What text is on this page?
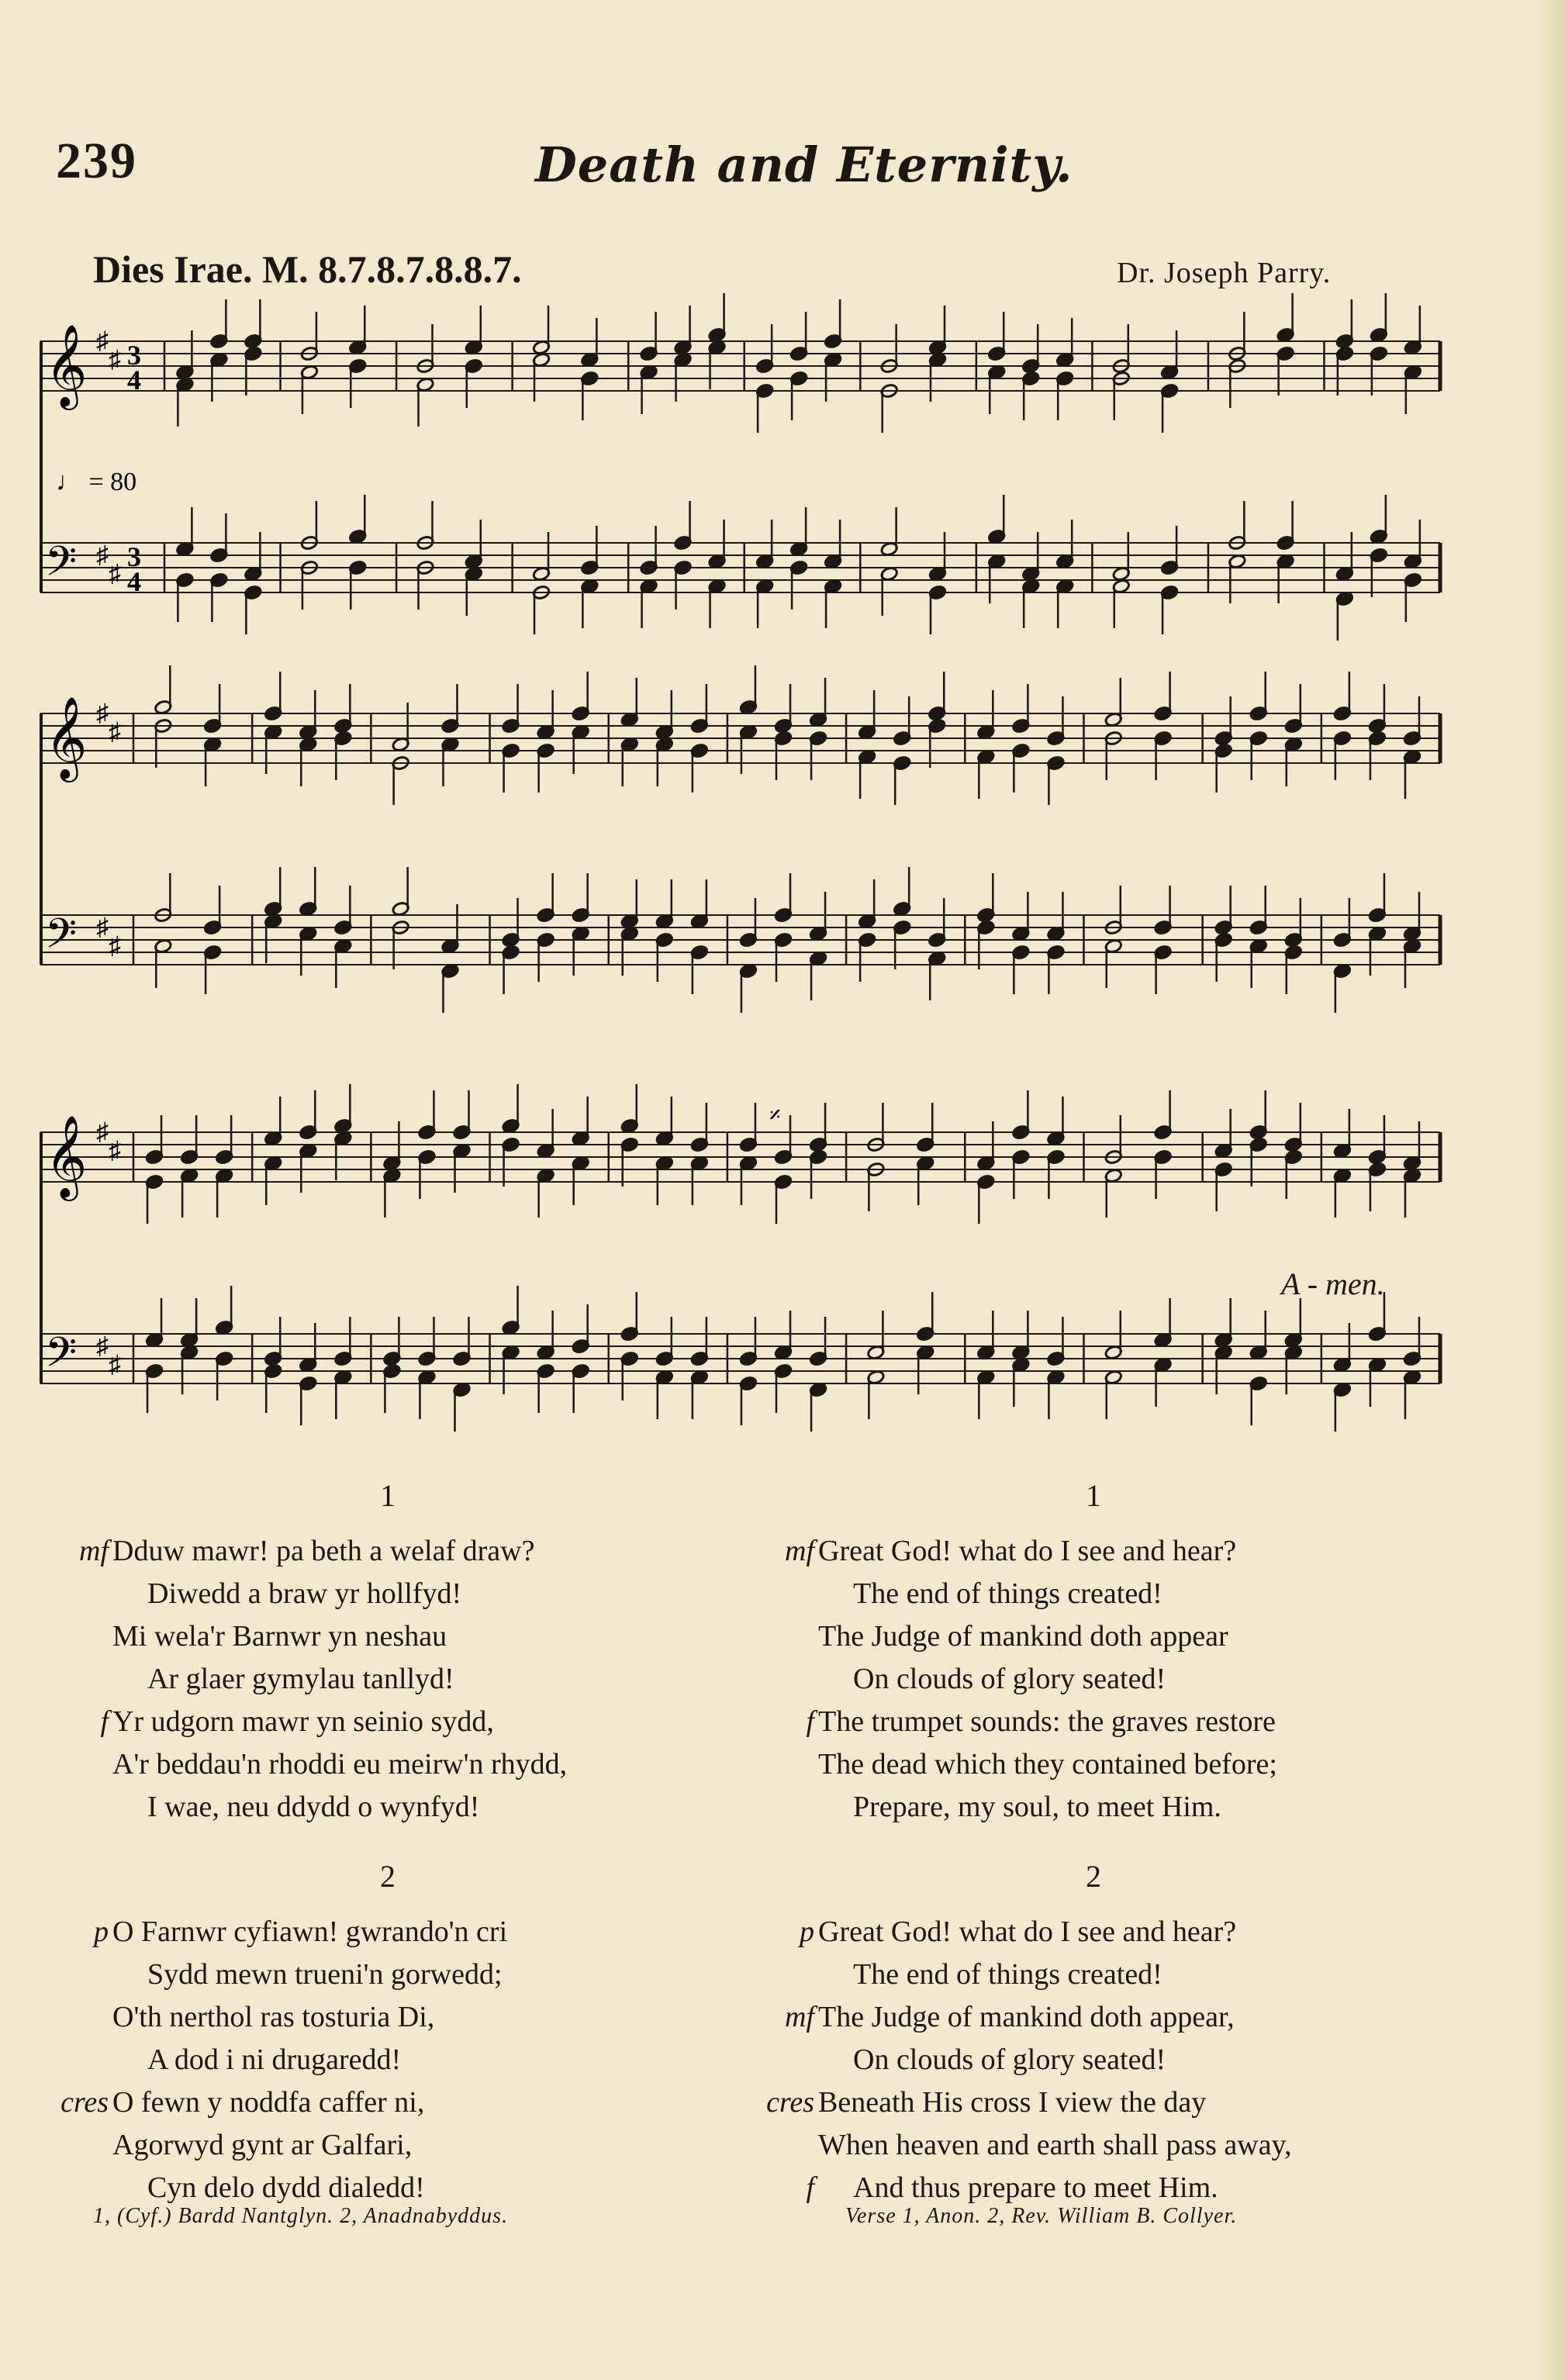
239	Death and Eternity.
Dies Irae. M. 8.7.8.7.8.8.7.	Dr. Joseph Parry.
𝄞
𝄢
♯
♯
♯
♯
3
4
3
4
♩ = 80
𝄞
𝄢
♯
♯
♯
♯
𝄞
𝄢
♯
♯
♯
♯
𝄎
A - men.
1
mf Dduw mawr! pa beth a welaf draw?
Diwedd a braw yr hollfyd!
Mi wela'r Barnwr yn neshau
Ar glaer gymylau tanllyd!
f Yr udgorn mawr yn seinio sydd,
A'r beddau'n rhoddi eu meirw'n rhydd,
I wae, neu ddydd o wynfyd!
2
p O Farnwr cyfiawn! gwrando'n cri
Sydd mewn trueni'n gorwedd;
O'th nerthol ras tosturia Di,
A dod i ni drugaredd!
cres O fewn y noddfa caffer ni,
Agorwyd gynt ar Galfari,
Cyn delo dydd dialedd!
1
mf Great God! what do I see and hear?
The end of things created!
The Judge of mankind doth appear
On clouds of glory seated!
f The trumpet sounds: the graves restore
The dead which they contained before;
Prepare, my soul, to meet Him.
2
p Great God! what do I see and hear?
The end of things created!
mf The Judge of mankind doth appear,
On clouds of glory seated!
cres Beneath His cross I view the day
When heaven and earth shall pass away,
f And thus prepare to meet Him.
1, (Cyf.) Bardd Nantglyn. 2, Anadnabyddus.	Verse 1, Anon. 2, Rev. William B. Collyer.
